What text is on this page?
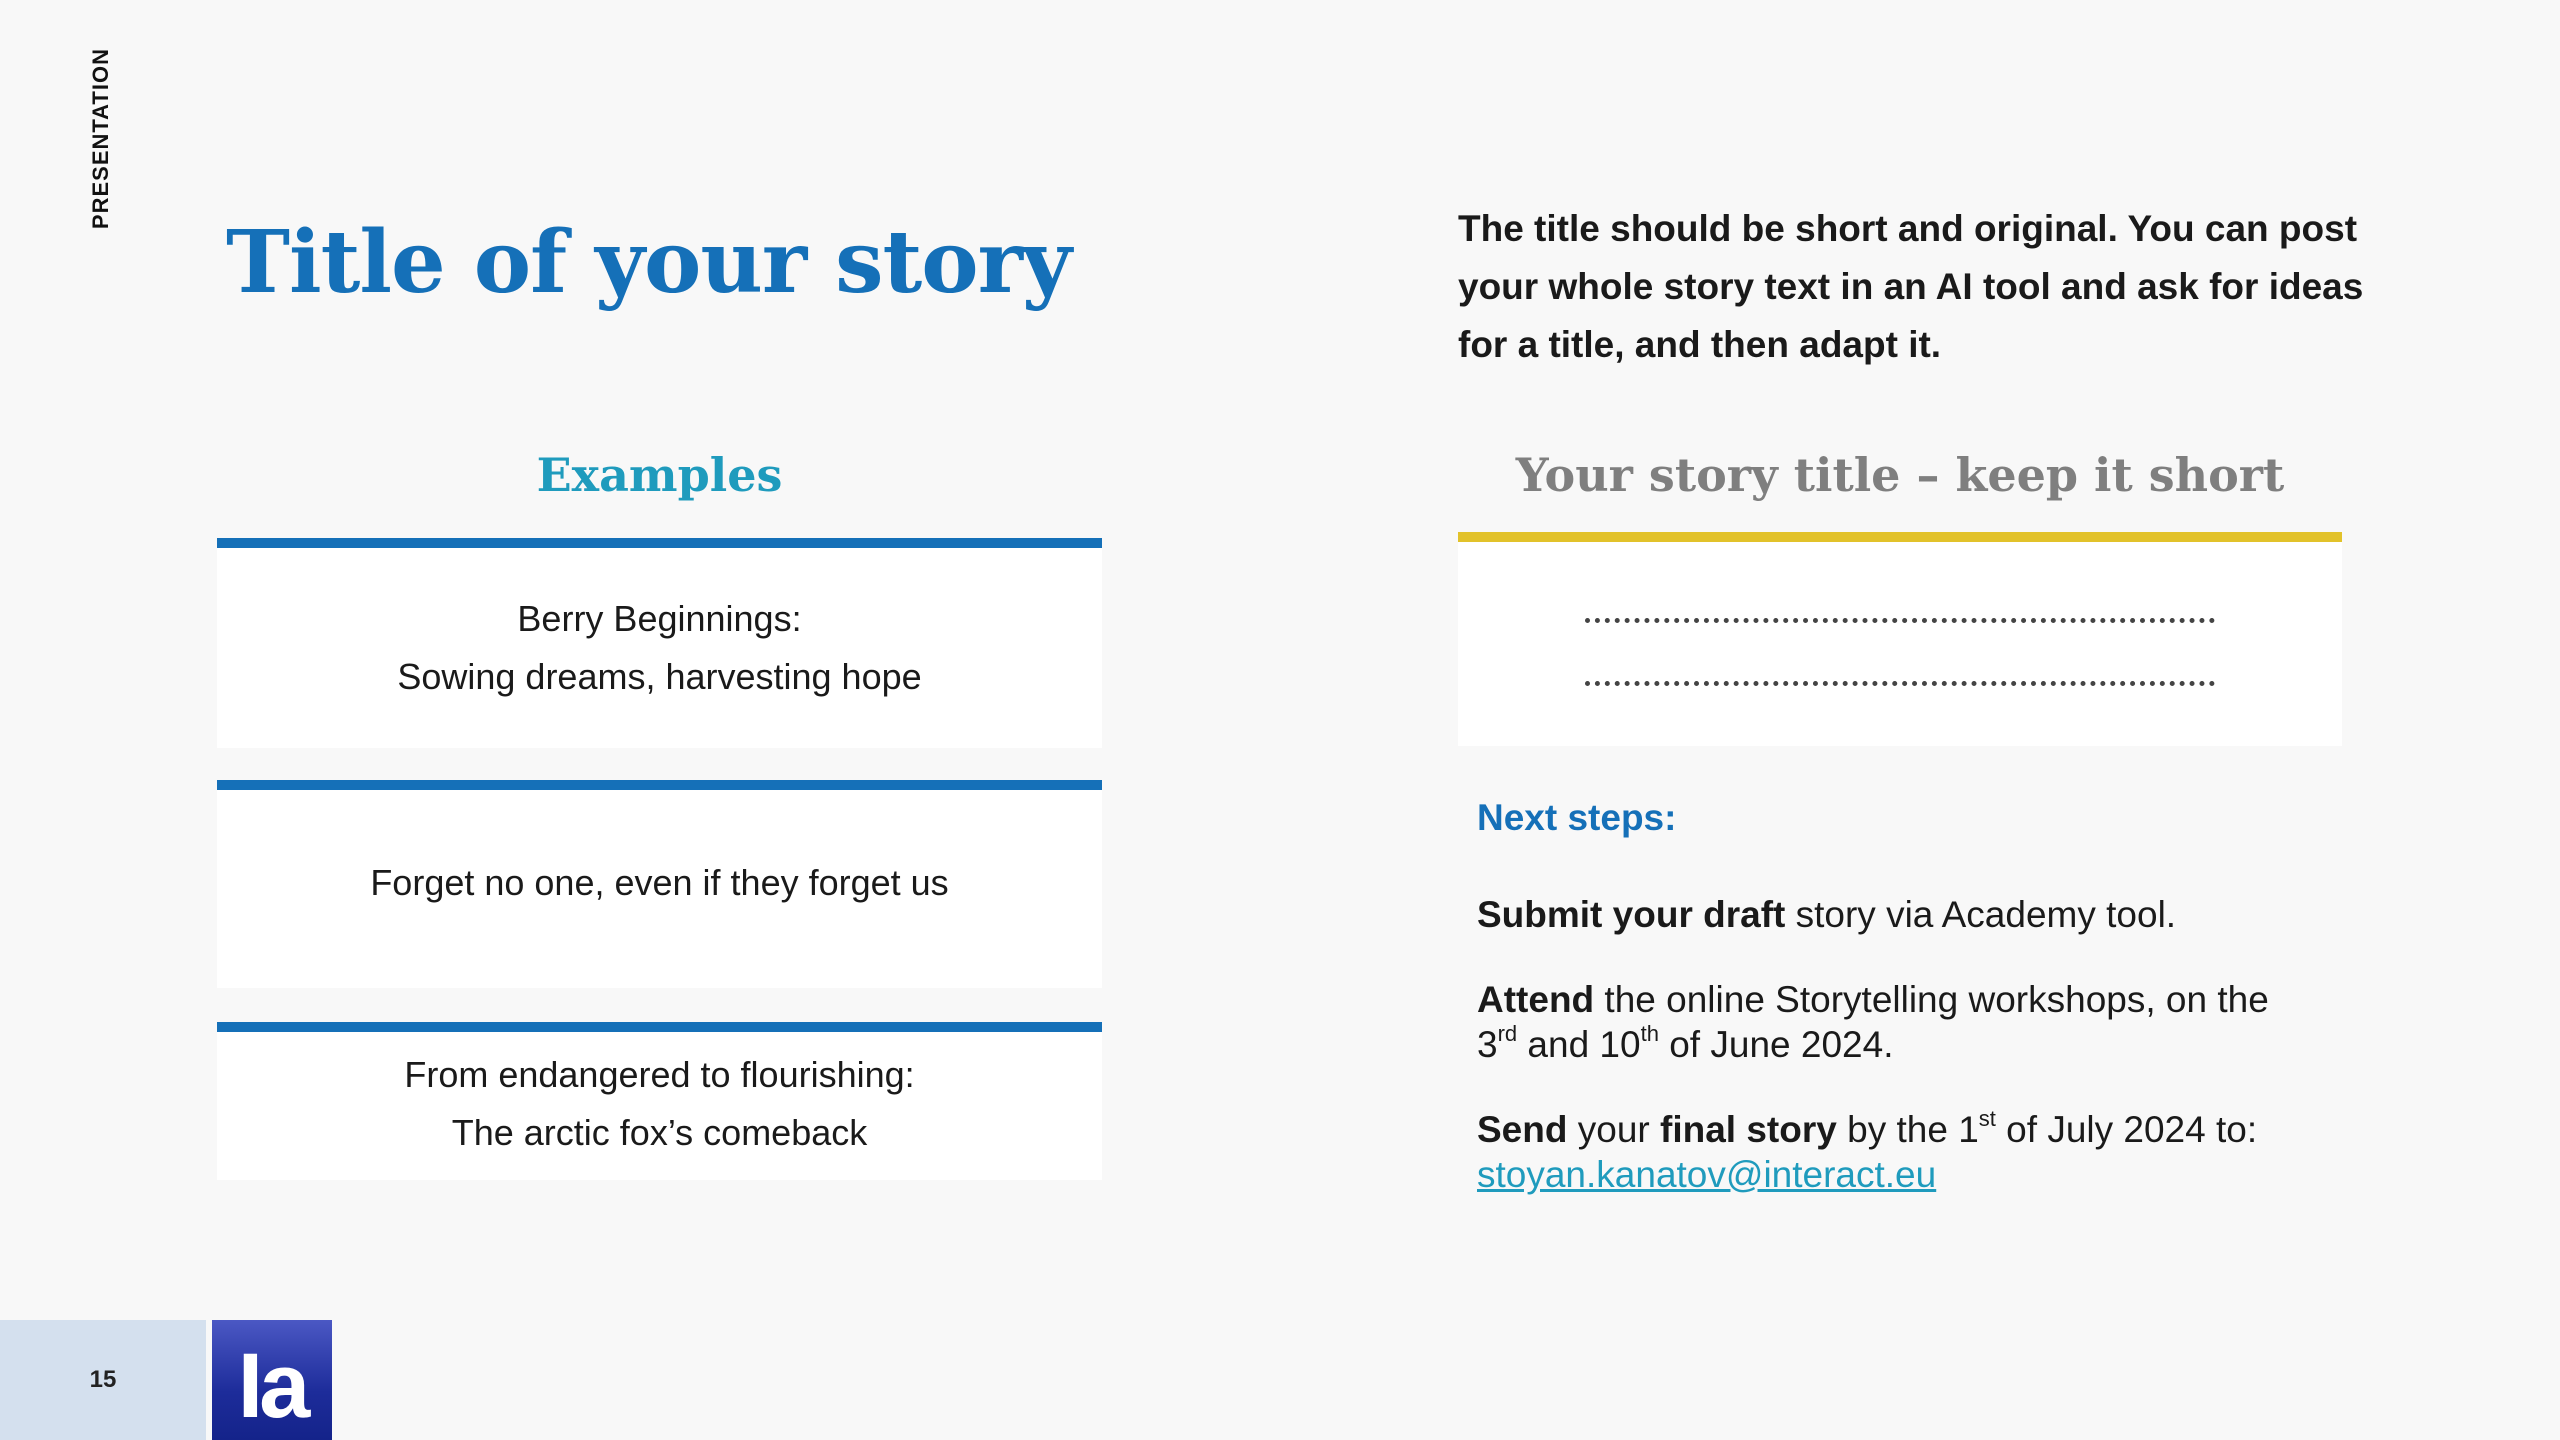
PRESENTATION
Title of your story
Examples
Berry Beginnings:
Sowing dreams, harvesting hope
Forget no one, even if they forget us
From endangered to flourishing:
The arctic fox’s comeback
The title should be short and original. You can post your whole story text in an AI tool and ask for ideas for a title, and then adapt it.
Your story title – keep it short
Next steps:
Submit your draft story via Academy tool.
Attend the online Storytelling workshops, on the
3rd and 10th of June 2024.
Send your final story by the 1st of July 2024 to:
stoyan.kanatov@interact.eu
15	Ia
